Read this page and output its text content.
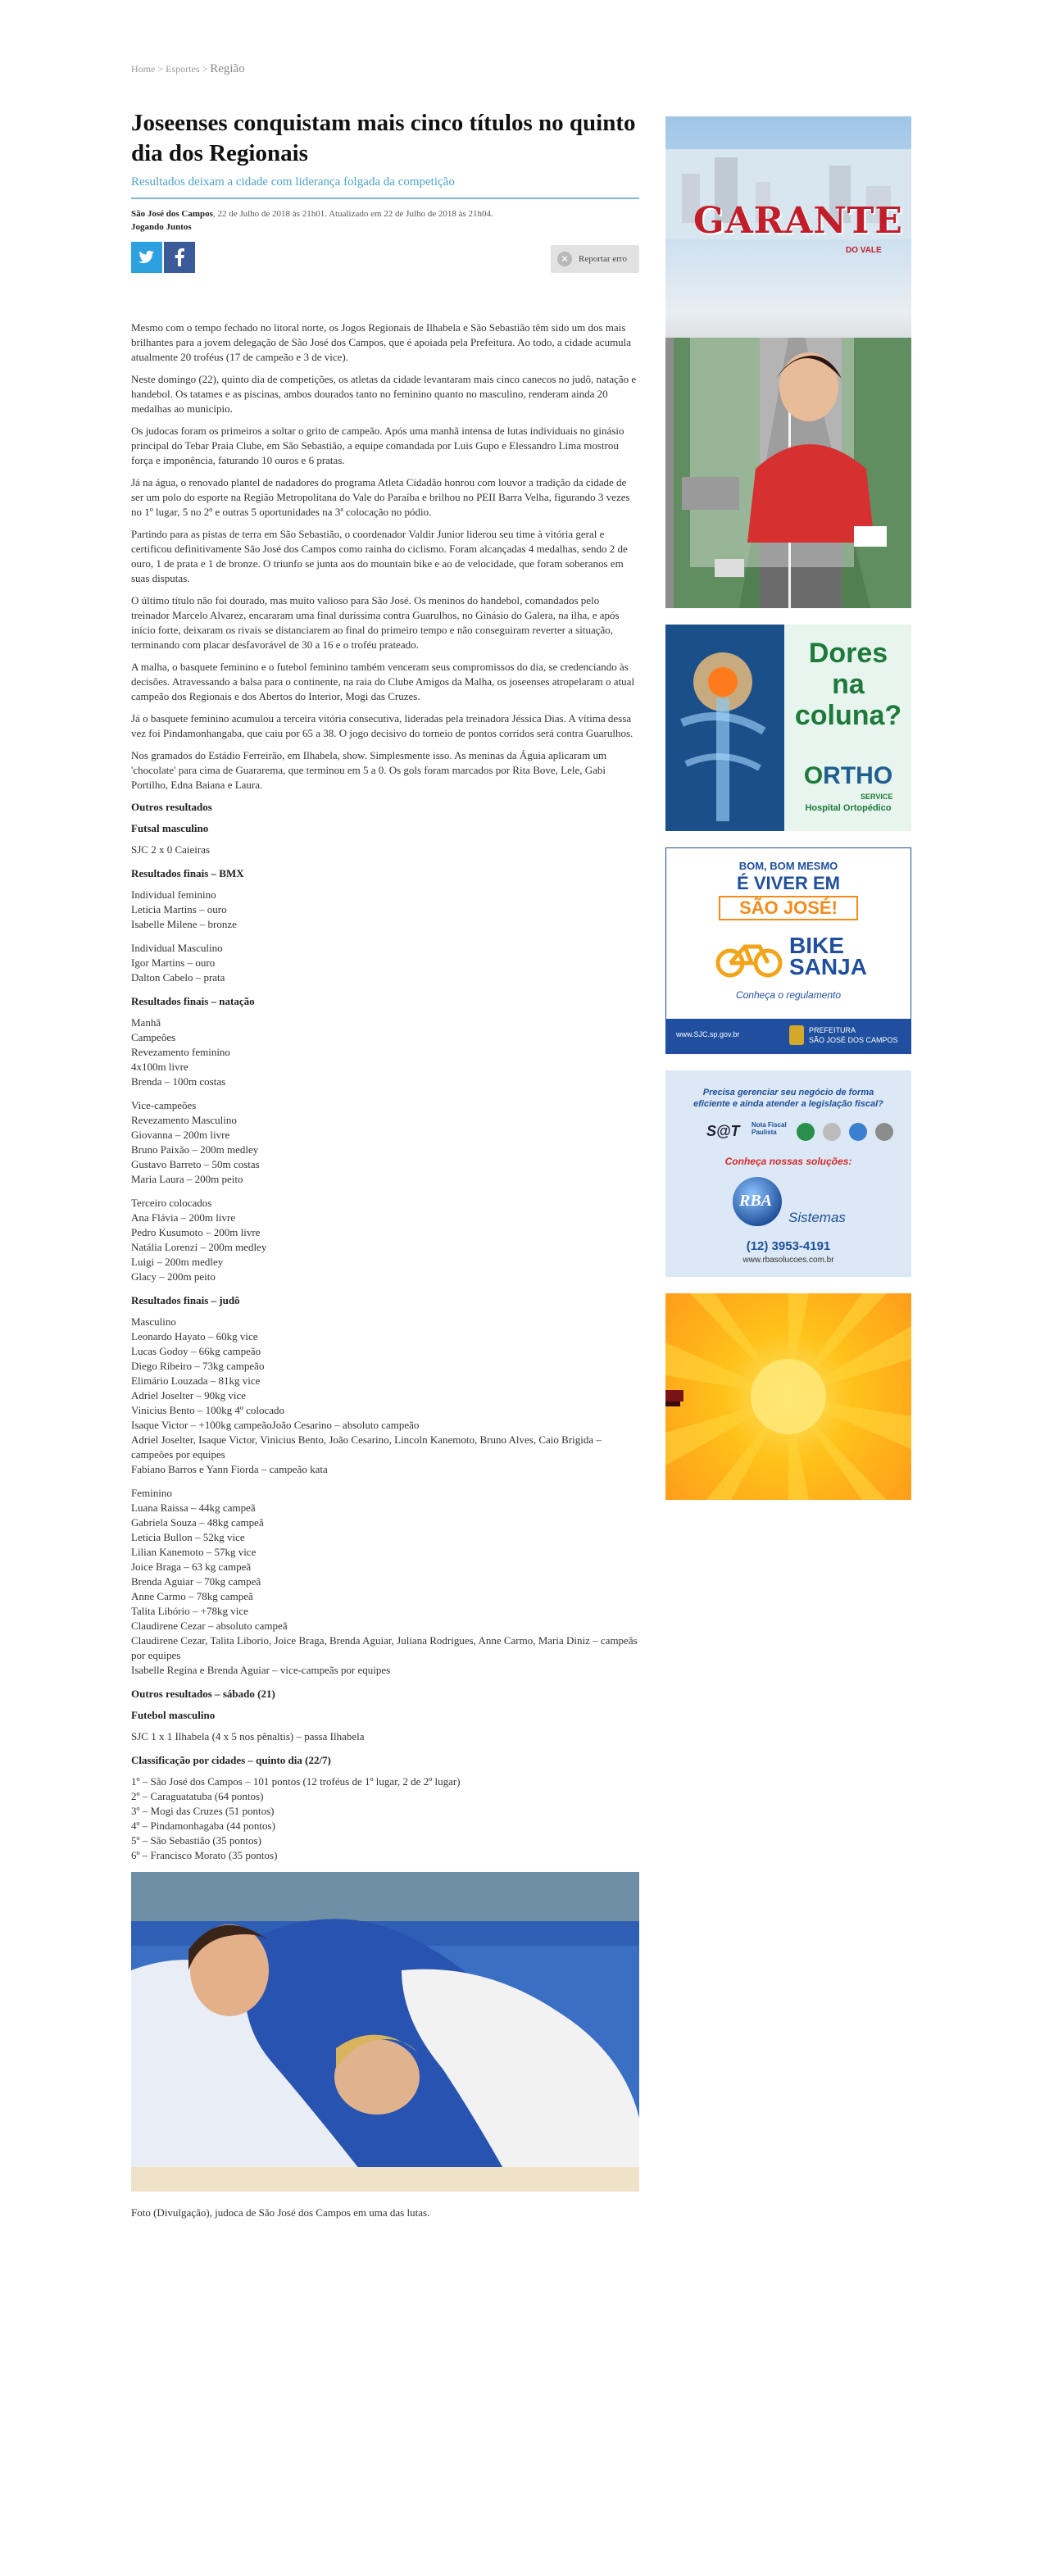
Home > Esportes > Região
Joseenses conquistam mais cinco títulos no quinto dia dos Regionais
Resultados deixam a cidade com liderança folgada da competição
São José dos Campos, 22 de Julho de 2018 às 21h01. Atualizado em 22 de Julho de 2018 às 21h04.
Jogando Juntos
✕	Reportar erro

Mesmo com o tempo fechado no litoral norte, os Jogos Regionais de Ilhabela e São Sebastião têm sido um dos mais brilhantes para a jovem delegação de São José dos Campos, que é apoiada pela Prefeitura. Ao todo, a cidade acumula atualmente 20 troféus (17 de campeão e 3 de vice).

Neste domingo (22), quinto dia de competições, os atletas da cidade levantaram mais cinco canecos no judô, natação e handebol. Os tatames e as piscinas, ambos dourados tanto no feminino quanto no masculino, renderam ainda 20 medalhas ao município.

Os judocas foram os primeiros a soltar o grito de campeão. Após uma manhã intensa de lutas individuais no ginásio principal do Tebar Praia Clube, em São Sebastião, a equipe comandada por Luis Gupo e Elessandro Lima mostrou força e imponência, faturando 10 ouros e 6 pratas.

Já na água, o renovado plantel de nadadores do programa Atleta Cidadão honrou com louvor a tradição da cidade de ser um polo do esporte na Região Metropolitana do Vale do Paraíba e brilhou no PEII Barra Velha, figurando 3 vezes no 1º lugar, 5 no 2º e outras 5 oportunidades na 3ª colocação no pódio.

Partindo para as pistas de terra em São Sebastião, o coordenador Valdir Junior liderou seu time à vitória geral e certificou definitivamente São José dos Campos como rainha do ciclismo. Foram alcançadas 4 medalhas, sendo 2 de ouro, 1 de prata e 1 de bronze. O triunfo se junta aos do mountain bike e ao de velocidade, que foram soberanos em suas disputas.

O último título não foi dourado, mas muito valioso para São José. Os meninos do handebol, comandados pelo treinador Marcelo Alvarez, encararam uma final duríssima contra Guarulhos, no Ginásio do Galera, na ilha, e após início forte, deixaram os rivais se distanciarem ao final do primeiro tempo e não conseguiram reverter a situação, terminando com placar desfavorável de 30 a 16 e o troféu prateado.

A malha, o basquete feminino e o futebol feminino também venceram seus compromissos do dia, se credenciando às decisões. Atravessando a balsa para o continente, na raia do Clube Amigos da Malha, os joseenses atropelaram o atual campeão dos Regionais e dos Abertos do Interior, Mogi das Cruzes.

Já o basquete feminino acumulou a terceira vitória consecutiva, lideradas pela treinadora Jéssica Dias. A vítima dessa vez foi Pindamonhangaba, que caiu por 65 a 38. O jogo decisivo do torneio de pontos corridos será contra Guarulhos.

Nos gramados do Estádio Ferreirão, em Ilhabela, show. Simplesmente isso. As meninas da Águia aplicaram um 'chocolate' para cima de Guararema, que terminou em 5 a 0. Os gols foram marcados por Rita Bove, Lele, Gabi Portilho, Edna Baiana e Laura.

Outros resultados
Futsal masculino

SJC 2 x 0 Caieiras

Resultados finais – BMX

Individual feminino

Letícia Martins – ouro

Isabelle Milene – bronze

Individual Masculino

Igor Martins – ouro

Dalton Cabelo – prata

Resultados finais – natação

Manhã

Campeões

Revezamento feminino

4x100m livre

Brenda – 100m costas

Vice-campeões

Revezamento Masculino

Giovanna – 200m livre

Bruno Paixão – 200m medley

Gustavo Barreto – 50m costas

Maria Laura – 200m peito

Terceiro colocados

Ana Flávia – 200m livre

Pedro Kusumoto – 200m livre

Natália Lorenzi – 200m medley

Luigi – 200m medley

Glacy – 200m peito

Resultados finais – judô

Masculino

Leonardo Hayato – 60kg vice

Lucas Godoy – 66kg campeão

Diego Ribeiro – 73kg campeão

Elimário Louzada – 81kg vice

Adriel Joselter – 90kg vice

Vinicius Bento – 100kg 4º colocado

Isaque Victor – +100kg campeãoJoão Cesarino – absoluto campeão

Adriel Joselter, Isaque Victor, Vinicius Bento, João Cesarino, Lincoln Kanemoto, Bruno Alves, Caio Brigida – campeões por equipes

Fabiano Barros e Yann Fiorda – campeão kata

Feminino

Luana Raissa – 44kg campeã

Gabriela Souza – 48kg campeã

Leticia Bullon – 52kg vice

Lilian Kanemoto – 57kg vice

Joice Braga – 63 kg campeã

Brenda Aguiar – 70kg campeã

Anne Carmo – 78kg campeã

Talita Libório – +78kg vice

Claudirene Cezar – absoluto campeã

Claudirene Cezar, Talita Liborio, Joice Braga, Brenda Aguiar, Juliana Rodrigues, Anne Carmo, Maria Diniz – campeãs por equipes

Isabelle Regina e Brenda Aguiar – vice-campeãs por equipes

Outros resultados – sábado (21)
Futebol masculino

SJC 1 x 1 Ilhabela (4 x 5 nos pênaltis) – passa Ilhabela

Classificação por cidades – quinto dia (22/7)

1º – São José dos Campos – 101 pontos (12 troféus de 1º lugar, 2 de 2º lugar)

2º – Caraguatatuba (64 pontos)

3º – Mogi das Cruzes (51 pontos)

4º – Pindamonhagaba (44 pontos)

5º – São Sebastião (35 pontos)

6º – Francisco Morato (35 pontos)

Foto (Divulgação), judoca de São José dos Campos em uma das lutas.
GARANTE
DO VALE
Dores
na
coluna?
ORTHO
SERVICE
Hospital Ortopédico
BOM, BOM MESMO
É VIVER EM
SÃO JOSÉ!
BIKE
SANJA
Conheça o regulamento
www.SJC.sp.gov.br	PREFEITURA
SÃO JOSÉ DOS CAMPOS
Precisa gerenciar seu negócio de forma
eficiente e ainda atender a legislação fiscal?
S@T Nota Fiscal Paulista
Conheça nossas soluções:
RBA
Sistemas
(12) 3953-4191
www.rbasolucoes.com.br
